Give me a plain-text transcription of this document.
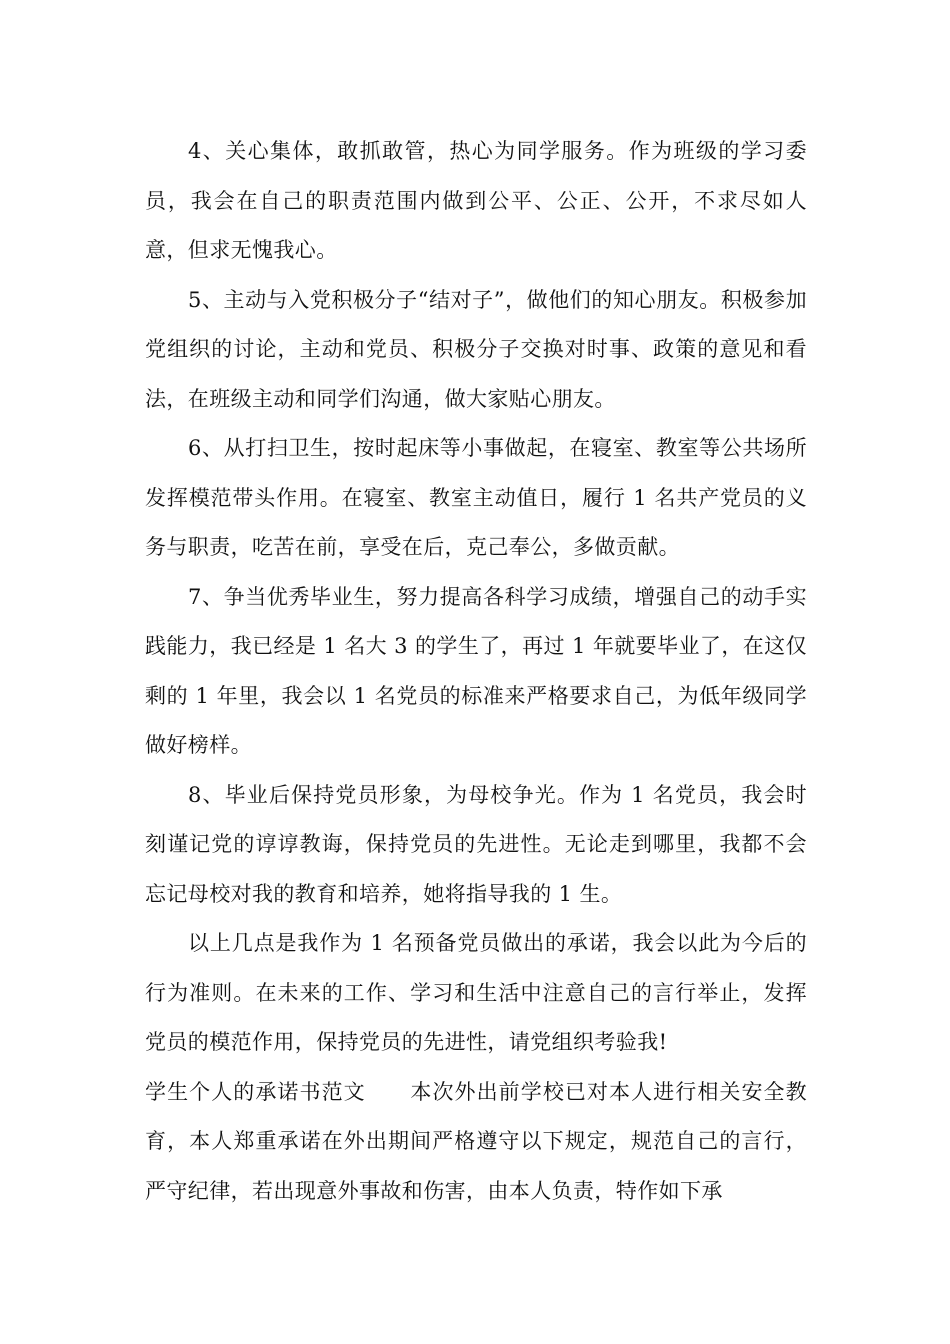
4、关心集体，敢抓敢管，热心为同学服务。作为班级的学习委员，我会在自己的职责范围内做到公平、公正、公开，不求尽如人意，但求无愧我心。

5、主动与入党积极分子“结对子”，做他们的知心朋友。积极参加党组织的讨论，主动和党员、积极分子交换对时事、政策的意见和看法，在班级主动和同学们沟通，做大家贴心朋友。

6、从打扫卫生，按时起床等小事做起，在寝室、教室等公共场所发挥模范带头作用。在寝室、教室主动值日，履行 1 名共产党员的义务与职责，吃苦在前，享受在后，克己奉公，多做贡献。

7、争当优秀毕业生，努力提高各科学习成绩，增强自己的动手实践能力，我已经是 1 名大 3 的学生了，再过 1 年就要毕业了，在这仅剩的 1 年里，我会以 1 名党员的标准来严格要求自己，为低年级同学做好榜样。

8、毕业后保持党员形象，为母校争光。作为 1 名党员，我会时刻谨记党的谆谆教诲，保持党员的先进性。无论走到哪里，我都不会忘记母校对我的教育和培养，她将指导我的 1 生。

以上几点是我作为 1 名预备党员做出的承诺，我会以此为今后的行为准则。在未来的工作、学习和生活中注意自己的言行举止，发挥党员的模范作用，保持党员的先进性，请党组织考验我!

学生个人的承诺书范文 本次外出前学校已对本人进行相关安全教育，本人郑重承诺在外出期间严格遵守以下规定，规范自己的言行，严守纪律，若出现意外事故和伤害，由本人负责，特作如下承
